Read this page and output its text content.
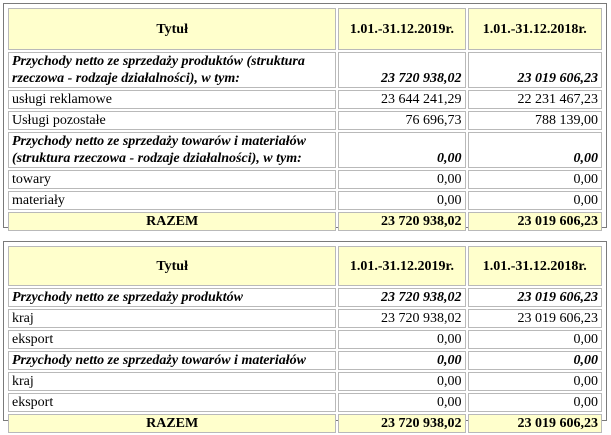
Tytuł	1.01.-31.12.2019r.	1.01.-31.12.2018r.
Przychody netto ze sprzedaży produktów (struktura rzeczowa - rodzaje działalności), w tym:	23 720 938,02	23 019 606,23
usługi reklamowe	23 644 241,29	22 231 467,23
Usługi pozostałe	76 696,73	788 139,00
Przychody netto ze sprzedaży towarów i materiałów (struktura rzeczowa - rodzaje działalności), w tym:	0,00	0,00
towary	0,00	0,00
materiały	0,00	0,00
RAZEM	23 720 938,02	23 019 606,23
Tytuł	1.01.-31.12.2019r.	1.01.-31.12.2018r.
Przychody netto ze sprzedaży produktów	23 720 938,02	23 019 606,23
kraj	23 720 938,02	23 019 606,23
eksport	0,00	0,00
Przychody netto ze sprzedaży towarów i materiałów	0,00	0,00
kraj	0,00	0,00
eksport	0,00	0,00
RAZEM	23 720 938,02	23 019 606,23
